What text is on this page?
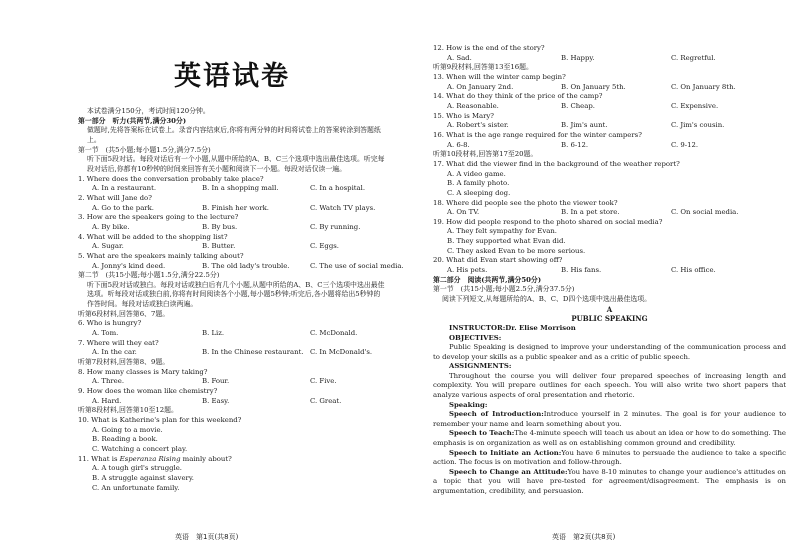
英语试卷
本试卷满分150分，考试时间120分钟。
第一部分　听力(共两节,满分30分)
做题时,先将答案标在试卷上。录音内容结束后,你将有两分钟的时间将试卷上的答案转涂到答题纸上。
第一节　(共5小题;每小题1.5分,满分7.5分)
听下面5段对话。每段对话后有一个小题,从题中所给的A、B、C三个选项中选出最佳选项。听完每段对话后,你都有10秒钟的时间来回答有关小题和阅读下一小题。每段对话仅读一遍。
1. Where does the conversation probably take place?
A. In a restaurant.	B. In a shopping mall.	C. In a hospital.
2. What will Jane do?
A. Go to the park.	B. Finish her work.	C. Watch TV plays.
3. How are the speakers going to the lecture?
A. By bike.	B. By bus.	C. By running.
4. What will be added to the shopping list?
A. Sugar.	B. Butter.	C. Eggs.
5. What are the speakers mainly talking about?
A. Jonny's kind deed.	B. The old lady's trouble.	C. The use of social media.
第二节　(共15小题;每小题1.5分,满分22.5分)
听下面5段对话或独白。每段对话或独白后有几个小题,从题中所给的A、B、C三个选项中选出最佳选项。听每段对话或独白前,你将有时间阅读各个小题,每小题5秒钟;听完后,各小题将给出5秒钟的作答时间。每段对话或独白读两遍。
听第6段材料,回答第6、7题。
6. Who is hungry?
A. Tom.	B. Liz.	C. McDonald.
7. Where will they eat?
A. In the car.	B. In the Chinese restaurant. C. In McDonald's.
听第7段材料,回答第8、9题。
8. How many classes is Mary taking?
A. Three.	B. Four.	C. Five.
9. How does the woman like chemistry?
A. Hard.	B. Easy.	C. Great.
听第8段材料,回答第10至12题。
10. What is Katherine's plan for this weekend?
A. Going to a movie.
B. Reading a book.
C. Watching a concert play.
11. What is Esperanza Rising mainly about?
A. A tough girl's struggle.
B. A struggle against slavery.
C. An unfortunate family.
12. How is the end of the story?
A. Sad.	B. Happy.	C. Regretful.
听第9段材料,回答第13至16题。
13. When will the winter camp begin?
A. On January 2nd.	B. On January 5th.	C. On January 8th.
14. What do they think of the price of the camp?
A. Reasonable.	B. Cheap.	C. Expensive.
15. Who is Mary?
A. Robert's sister.	B. Jim's aunt.	C. Jim's cousin.
16. What is the age range required for the winter campers?
A. 6-8.	B. 6-12.	C. 9-12.
听第10段材料,回答第17至20题。
17. What did the viewer find in the background of the weather report?
A. A video game.
B. A family photo.
C. A sleeping dog.
18. Where did people see the photo the viewer took?
A. On TV.	B. In a pet store.	C. On social media.
19. How did people respond to the photo shared on social media?
A. They felt sympathy for Evan.
B. They supported what Evan did.
C. They asked Evan to be more serious.
20. What did Evan start showing off?
A. His pets.	B. His fans.	C. His office.
第二部分　阅读(共两节,满分50分)
第一节　(共15小题;每小题2.5分,满分37.5分)
阅读下列短文,从每题所给的A、B、C、D四个选项中选出最佳选项。
A
PUBLIC SPEAKING
INSTRUCTOR:Dr. Elise Morrison
OBJECTIVES:

Public Speaking is designed to improve your understanding of the communication process and to develop your skills as a public speaker and as a critic of public speech.

ASSIGNMENTS:

Throughout the course you will deliver four prepared speeches of increasing length and complexity. You will prepare outlines for each speech. You will also write two short papers that analyze various aspects of oral presentation and rhetoric.

Speaking:

Speech of Introduction:Introduce yourself in 2 minutes. The goal is for your audience to remember your name and learn something about you.

Speech to Teach:The 4-minute speech will teach us about an idea or how to do something. The emphasis is on organization as well as on establishing common ground and credibility.

Speech to Initiate an Action:You have 6 minutes to persuade the audience to take a specific action. The focus is on motivation and follow-through.

Speech to Change an Attitude:You have 8-10 minutes to change your audience's attitudes on a topic that you will have pre-tested for agreement/disagreement. The emphasis is on argumentation, credibility, and persuasion.

英语　第1页(共8页)	英语　第2页(共8页)
